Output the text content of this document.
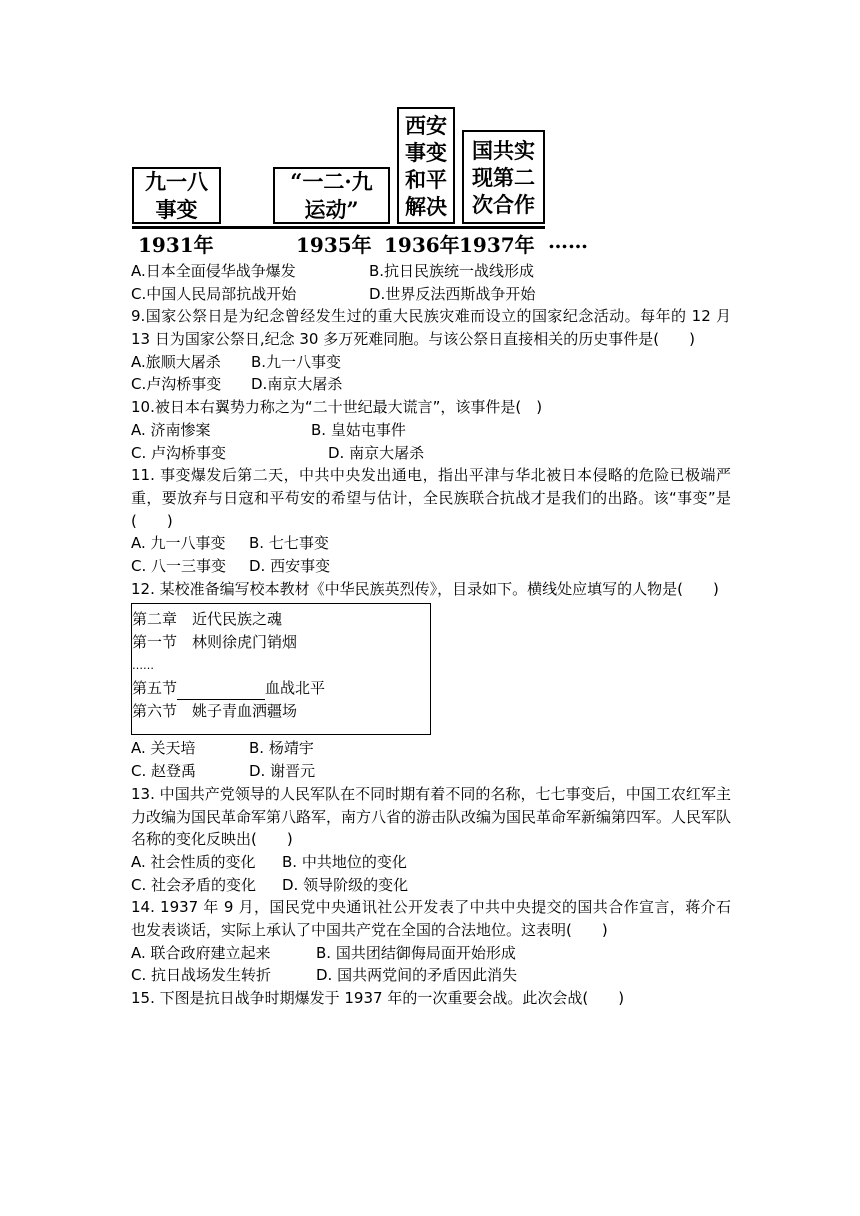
九一八
事变
“一二·九
运动”
西安
事变
和平
解决
国共实
现第二
次合作
1931年	1935年 1936年 1937年 ……
A.日本全面侵华战争爆发	B.抗日民族统一战线形成
C.中国人民局部抗战开始	D.世界反法西斯战争开始
9.国家公祭日是为纪念曾经发生过的重大民族灾难而设立的国家纪念活动。每年的 12 月 13 日为国家公祭日,纪念 30 多万死难同胞。与该公祭日直接相关的历史事件是(　　)
A.旅顺大屠杀 B.九一八事变
C.卢沟桥事变 D.南京大屠杀
10.被日本右翼势力称之为“二十世纪最大谎言”，该事件是(　)
A. 济南惨案	B. 皇姑屯事件
C. 卢沟桥事变	D. 南京大屠杀
11. 事变爆发后第二天，中共中央发出通电，指出平津与华北被日本侵略的危险已极端严重，要放弃与日寇和平苟安的希望与估计，全民族联合抗战才是我们的出路。该“事变”是(　　)
A. 九一八事变 B. 七七事变
C. 八一三事变 D. 西安事变
12. 某校准备编写校本教材《中华民族英烈传》，目录如下。横线处应填写的人物是(　　)
第二章　近代民族之魂
第一节　林则徐虎门销烟
……
第五节	血战北平
第六节　姚子青血洒疆场
A. 关天培	B. 杨靖宇
C. 赵登禹	D. 谢晋元
13. 中国共产党领导的人民军队在不同时期有着不同的名称，七七事变后，中国工农红军主力改编为国民革命军第八路军，南方八省的游击队改编为国民革命军新编第四军。人民军队名称的变化反映出(　　)
A. 社会性质的变化 B. 中共地位的变化
C. 社会矛盾的变化 D. 领导阶级的变化
14. 1937 年 9 月，国民党中央通讯社公开发表了中共中央提交的国共合作宣言，蒋介石也发表谈话，实际上承认了中国共产党在全国的合法地位。这表明(　　)
A. 联合政府建立起来	B. 国共团结御侮局面开始形成
C. 抗日战场发生转折	D. 国共两党间的矛盾因此消失
15. 下图是抗日战争时期爆发于 1937 年的一次重要会战。此次会战(　　)
